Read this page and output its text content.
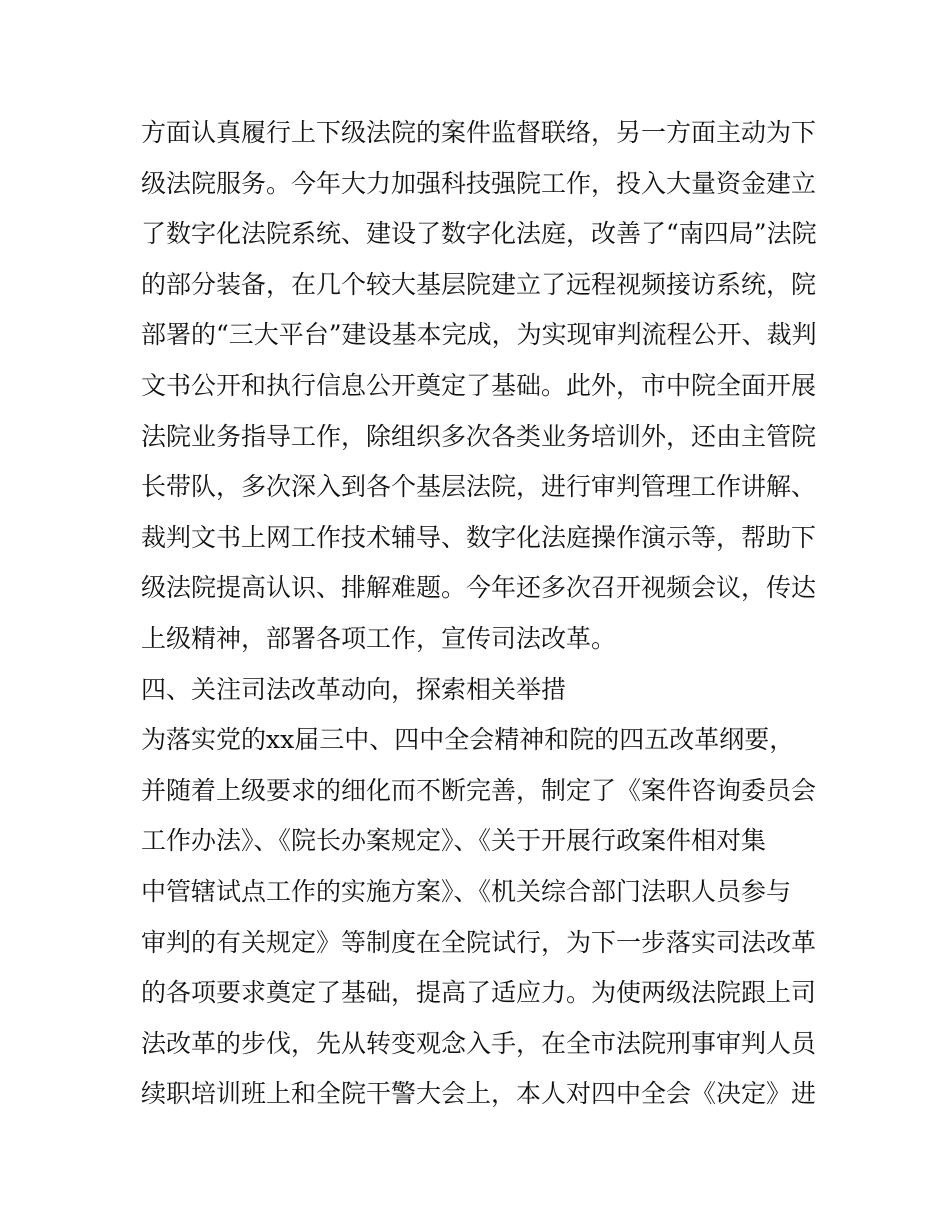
方面认真履行上下级法院的案件监督联络，另一方面主动为下
级法院服务。今年大力加强科技强院工作，投入大量资金建立
了数字化法院系统、建设了数字化法庭，改善了“南四局”法院
的部分装备，在几个较大基层院建立了远程视频接访系统，院
部署的“三大平台”建设基本完成，为实现审判流程公开、裁判
文书公开和执行信息公开奠定了基础。此外，市中院全面开展
法院业务指导工作，除组织多次各类业务培训外，还由主管院
长带队，多次深入到各个基层法院，进行审判管理工作讲解、
裁判文书上网工作技术辅导、数字化法庭操作演示等，帮助下
级法院提高认识、排解难题。今年还多次召开视频会议，传达
上级精神，部署各项工作，宣传司法改革。
四、关注司法改革动向，探索相关举措
为落实党的xx届三中、四中全会精神和院的四五改革纲要，
并随着上级要求的细化而不断完善，制定了《案件咨询委员会
工作办法》、《院长办案规定》、《关于开展行政案件相对集
中管辖试点工作的实施方案》、《机关综合部门法职人员参与
审判的有关规定》等制度在全院试行，为下一步落实司法改革
的各项要求奠定了基础，提高了适应力。为使两级法院跟上司
法改革的步伐，先从转变观念入手，在全市法院刑事审判人员
续职培训班上和全院干警大会上，本人对四中全会《决定》进
